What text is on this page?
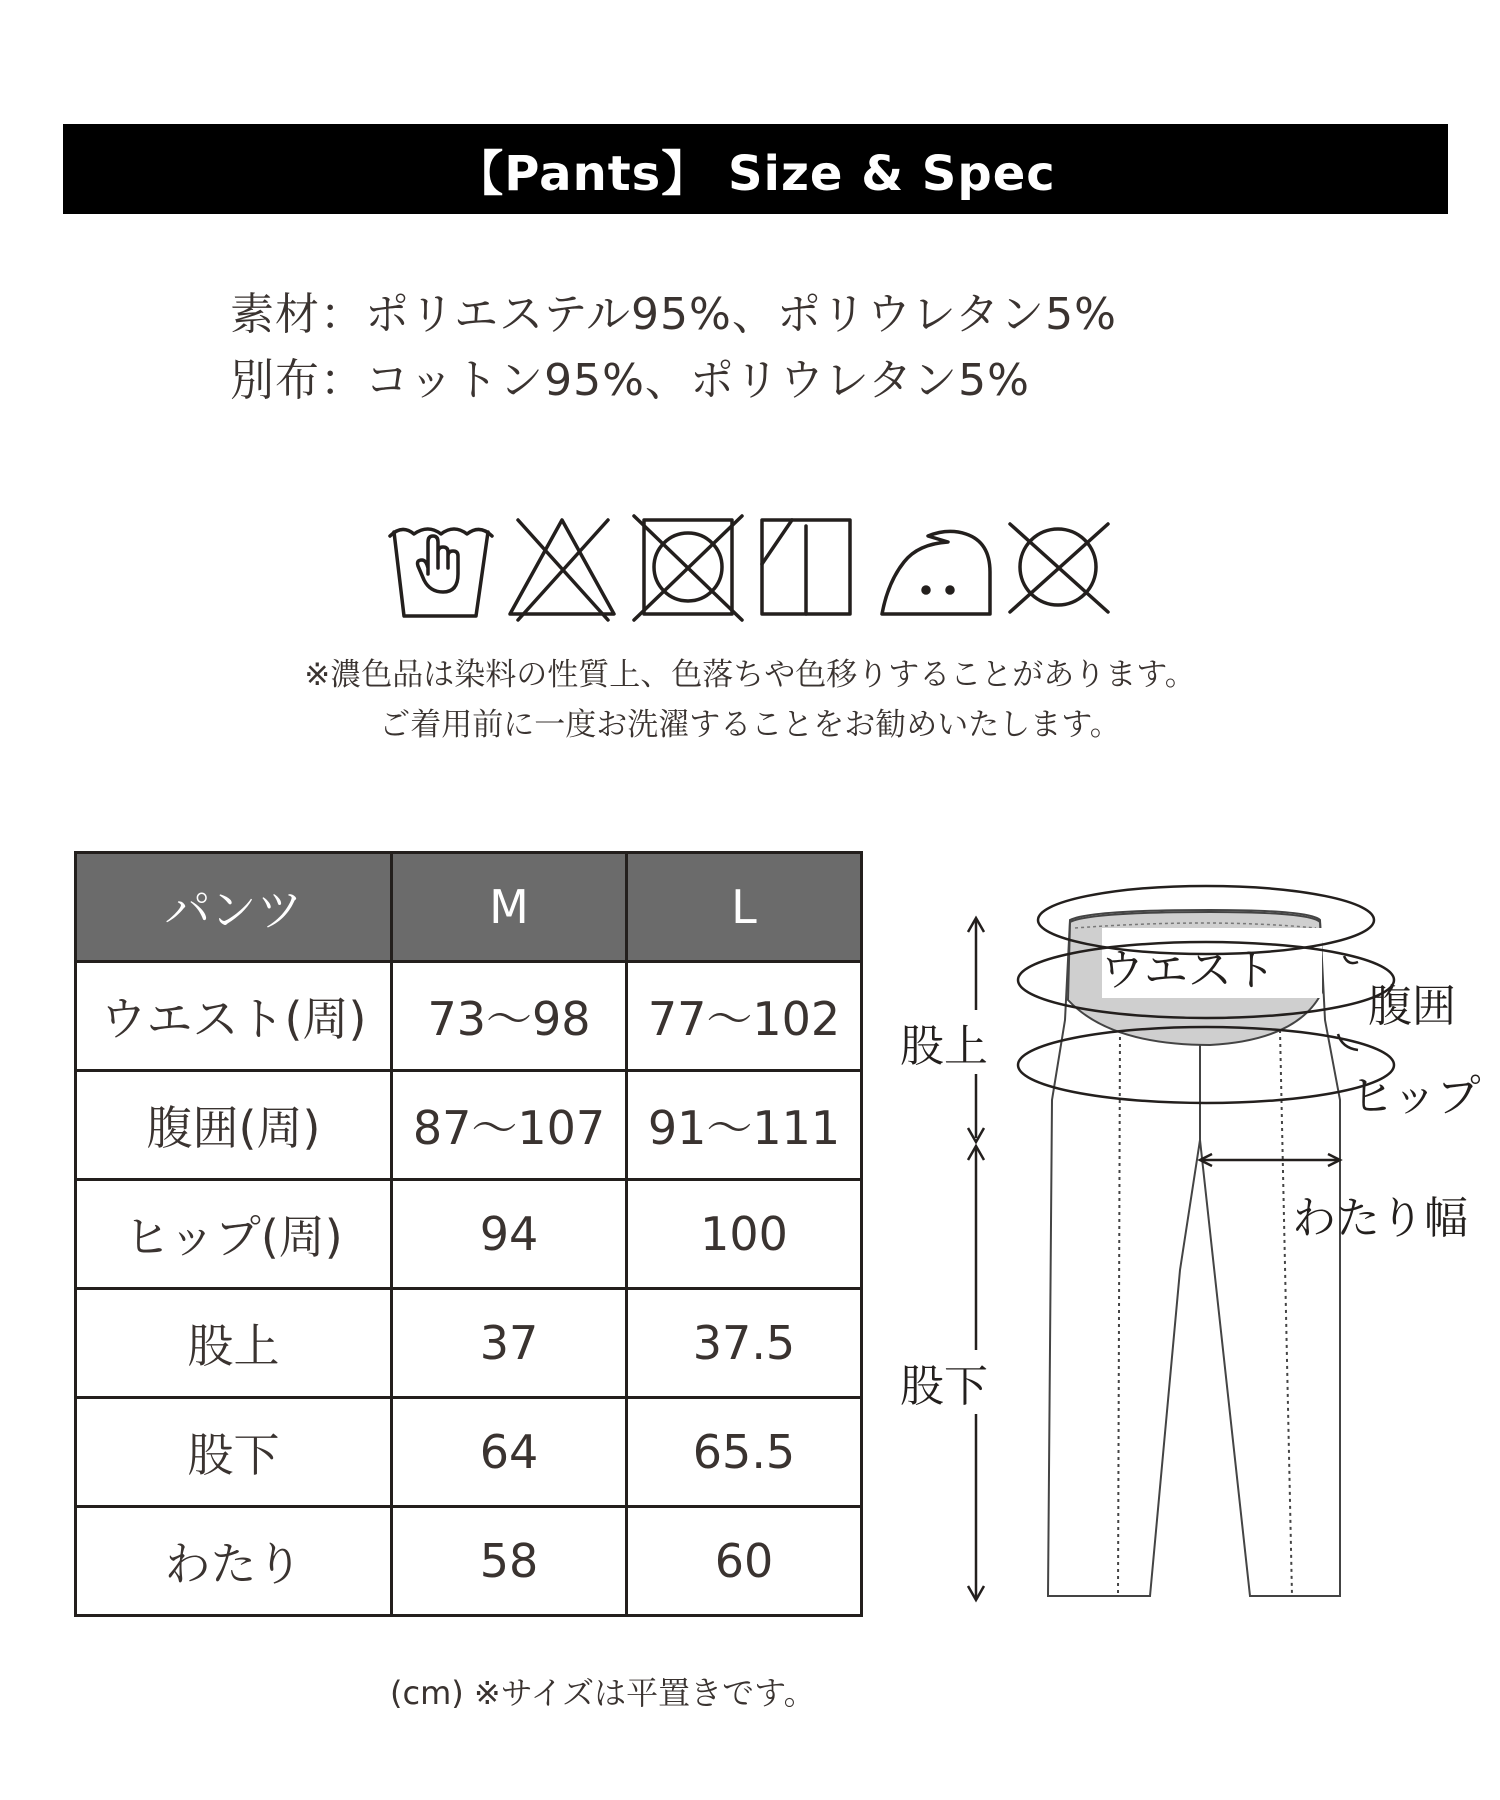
【Pants】 Size & Spec
素材： ポリエステル95%、ポリウレタン5%
別布： コットン95%、ポリウレタン5%
※濃色品は染料の性質上、色落ちや色移りすることがあります。
ご着用前に一度お洗濯することをお勧めいたします。
パンツ	M	L
ウエスト(周)	73〜98	77〜102
腹囲(周)	87〜107	91〜111
ヒップ(周)	94	100
股上	37	37.5
股下	64	65.5
わたり	58	60
(cm) ※サイズは平置きです。
ウエスト
腹囲
ヒップ
股上
股下
わたり幅
